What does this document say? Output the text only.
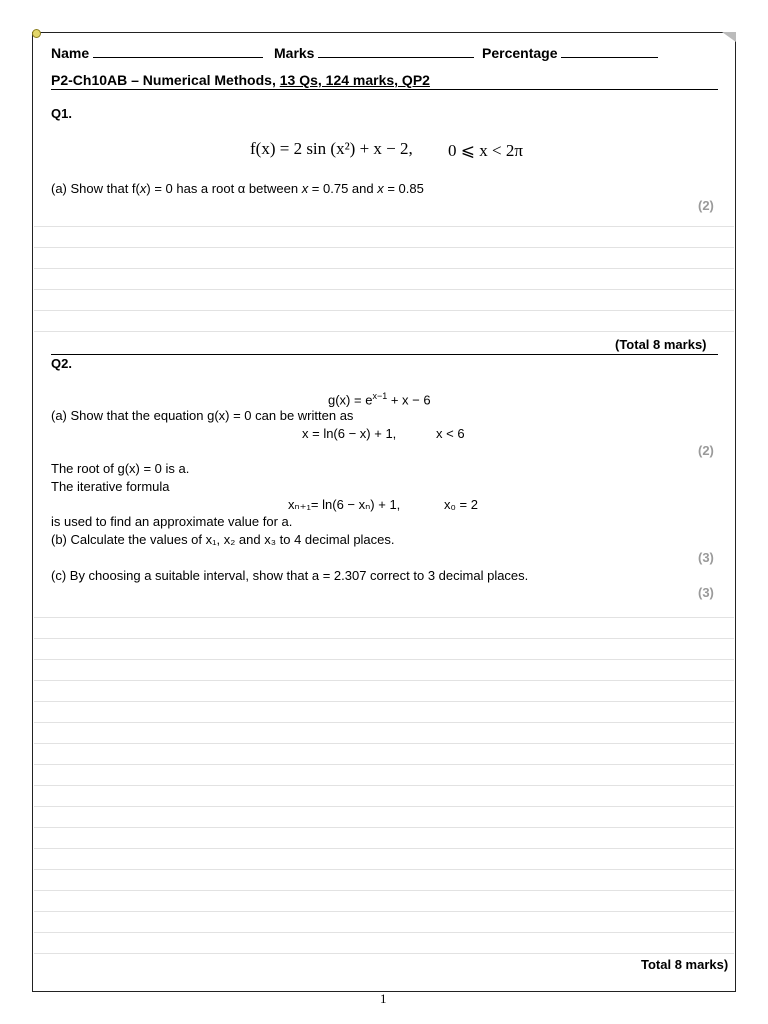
Name	Marks	Percentage
P2-Ch10AB – Numerical Methods, 13 Qs, 124 marks, QP2
Q1.
f(x) = 2 sin (x²) + x − 2, 0 ⩽ x < 2π
(a) Show that f(x) = 0 has a root α between x = 0.75 and x = 0.85
(2)
(Total 8 marks)
Q2.
$g(x) = e^{x-1} + x - 6$
(a) Show that the equation g(x) = 0 can be written as
x = ln(6 − x) + 1,	x < 6
(2)
The root of g(x) = 0 is a.
The iterative formula
xₙ₊₁= ln(6 − xₙ) + 1,	x₀ = 2
is used to find an approximate value for a.
(b) Calculate the values of x₁, x₂ and x₃ to 4 decimal places.
(3)
(c) By choosing a suitable interval, show that a = 2.307 correct to 3 decimal places.
(3)
Total 8 marks)
1
